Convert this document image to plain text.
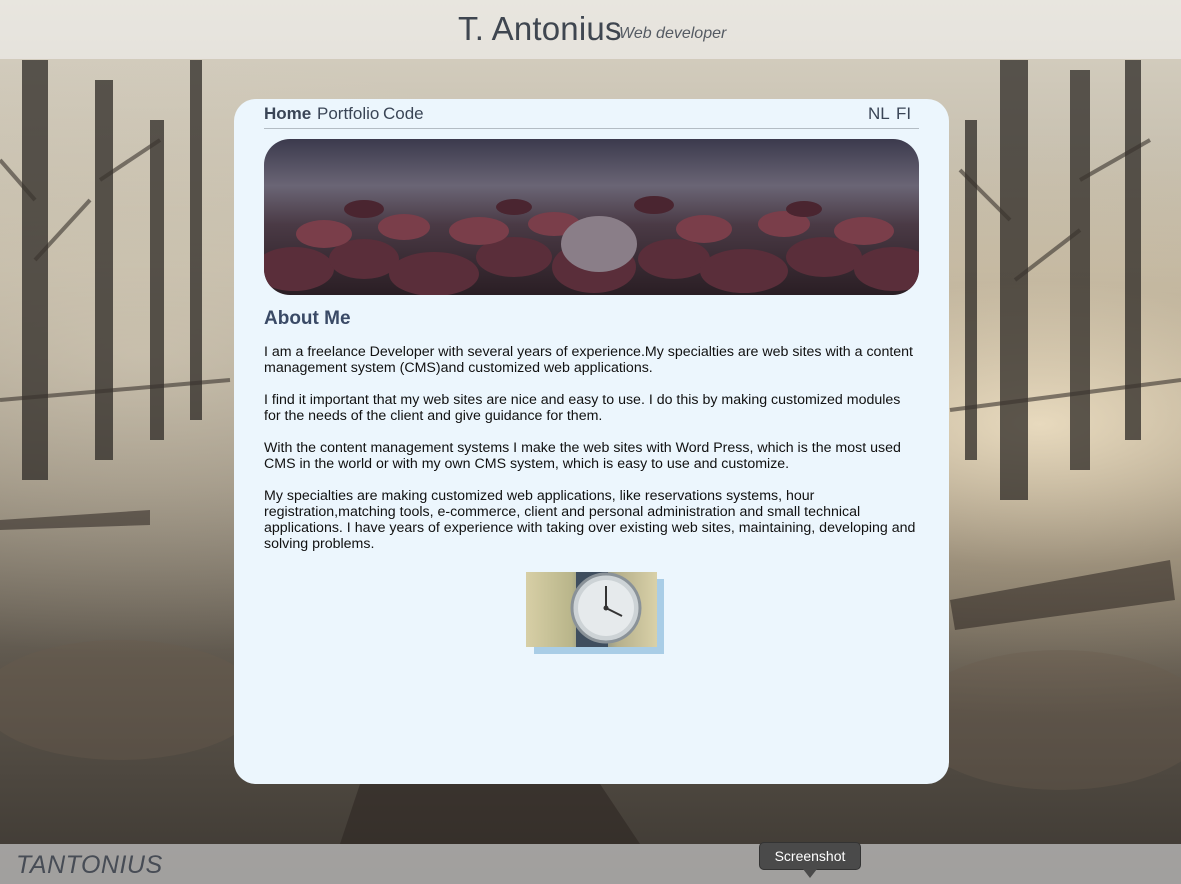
T. Antonius
Web developer
Home Portfolio Code	NL FI
About Me

I am a freelance Developer with several years of experience.My specialties are web sites with a content management system (CMS)and customized web applications.

I find it important that my web sites are nice and easy to use. I do this by making customized modules for the needs of the client and give guidance for them.

With the content management systems I make the web sites with Word Press, which is the most used CMS in the world or with my own CMS system, which is easy to use and customize.

My specialties are making customized web applications, like reservations systems, hour registration,matching tools, e-commerce, client and personal administration and small technical applications. I have years of experience with taking over existing web sites, maintaining, developing and solving problems.

TANTONIUS	Screenshot
